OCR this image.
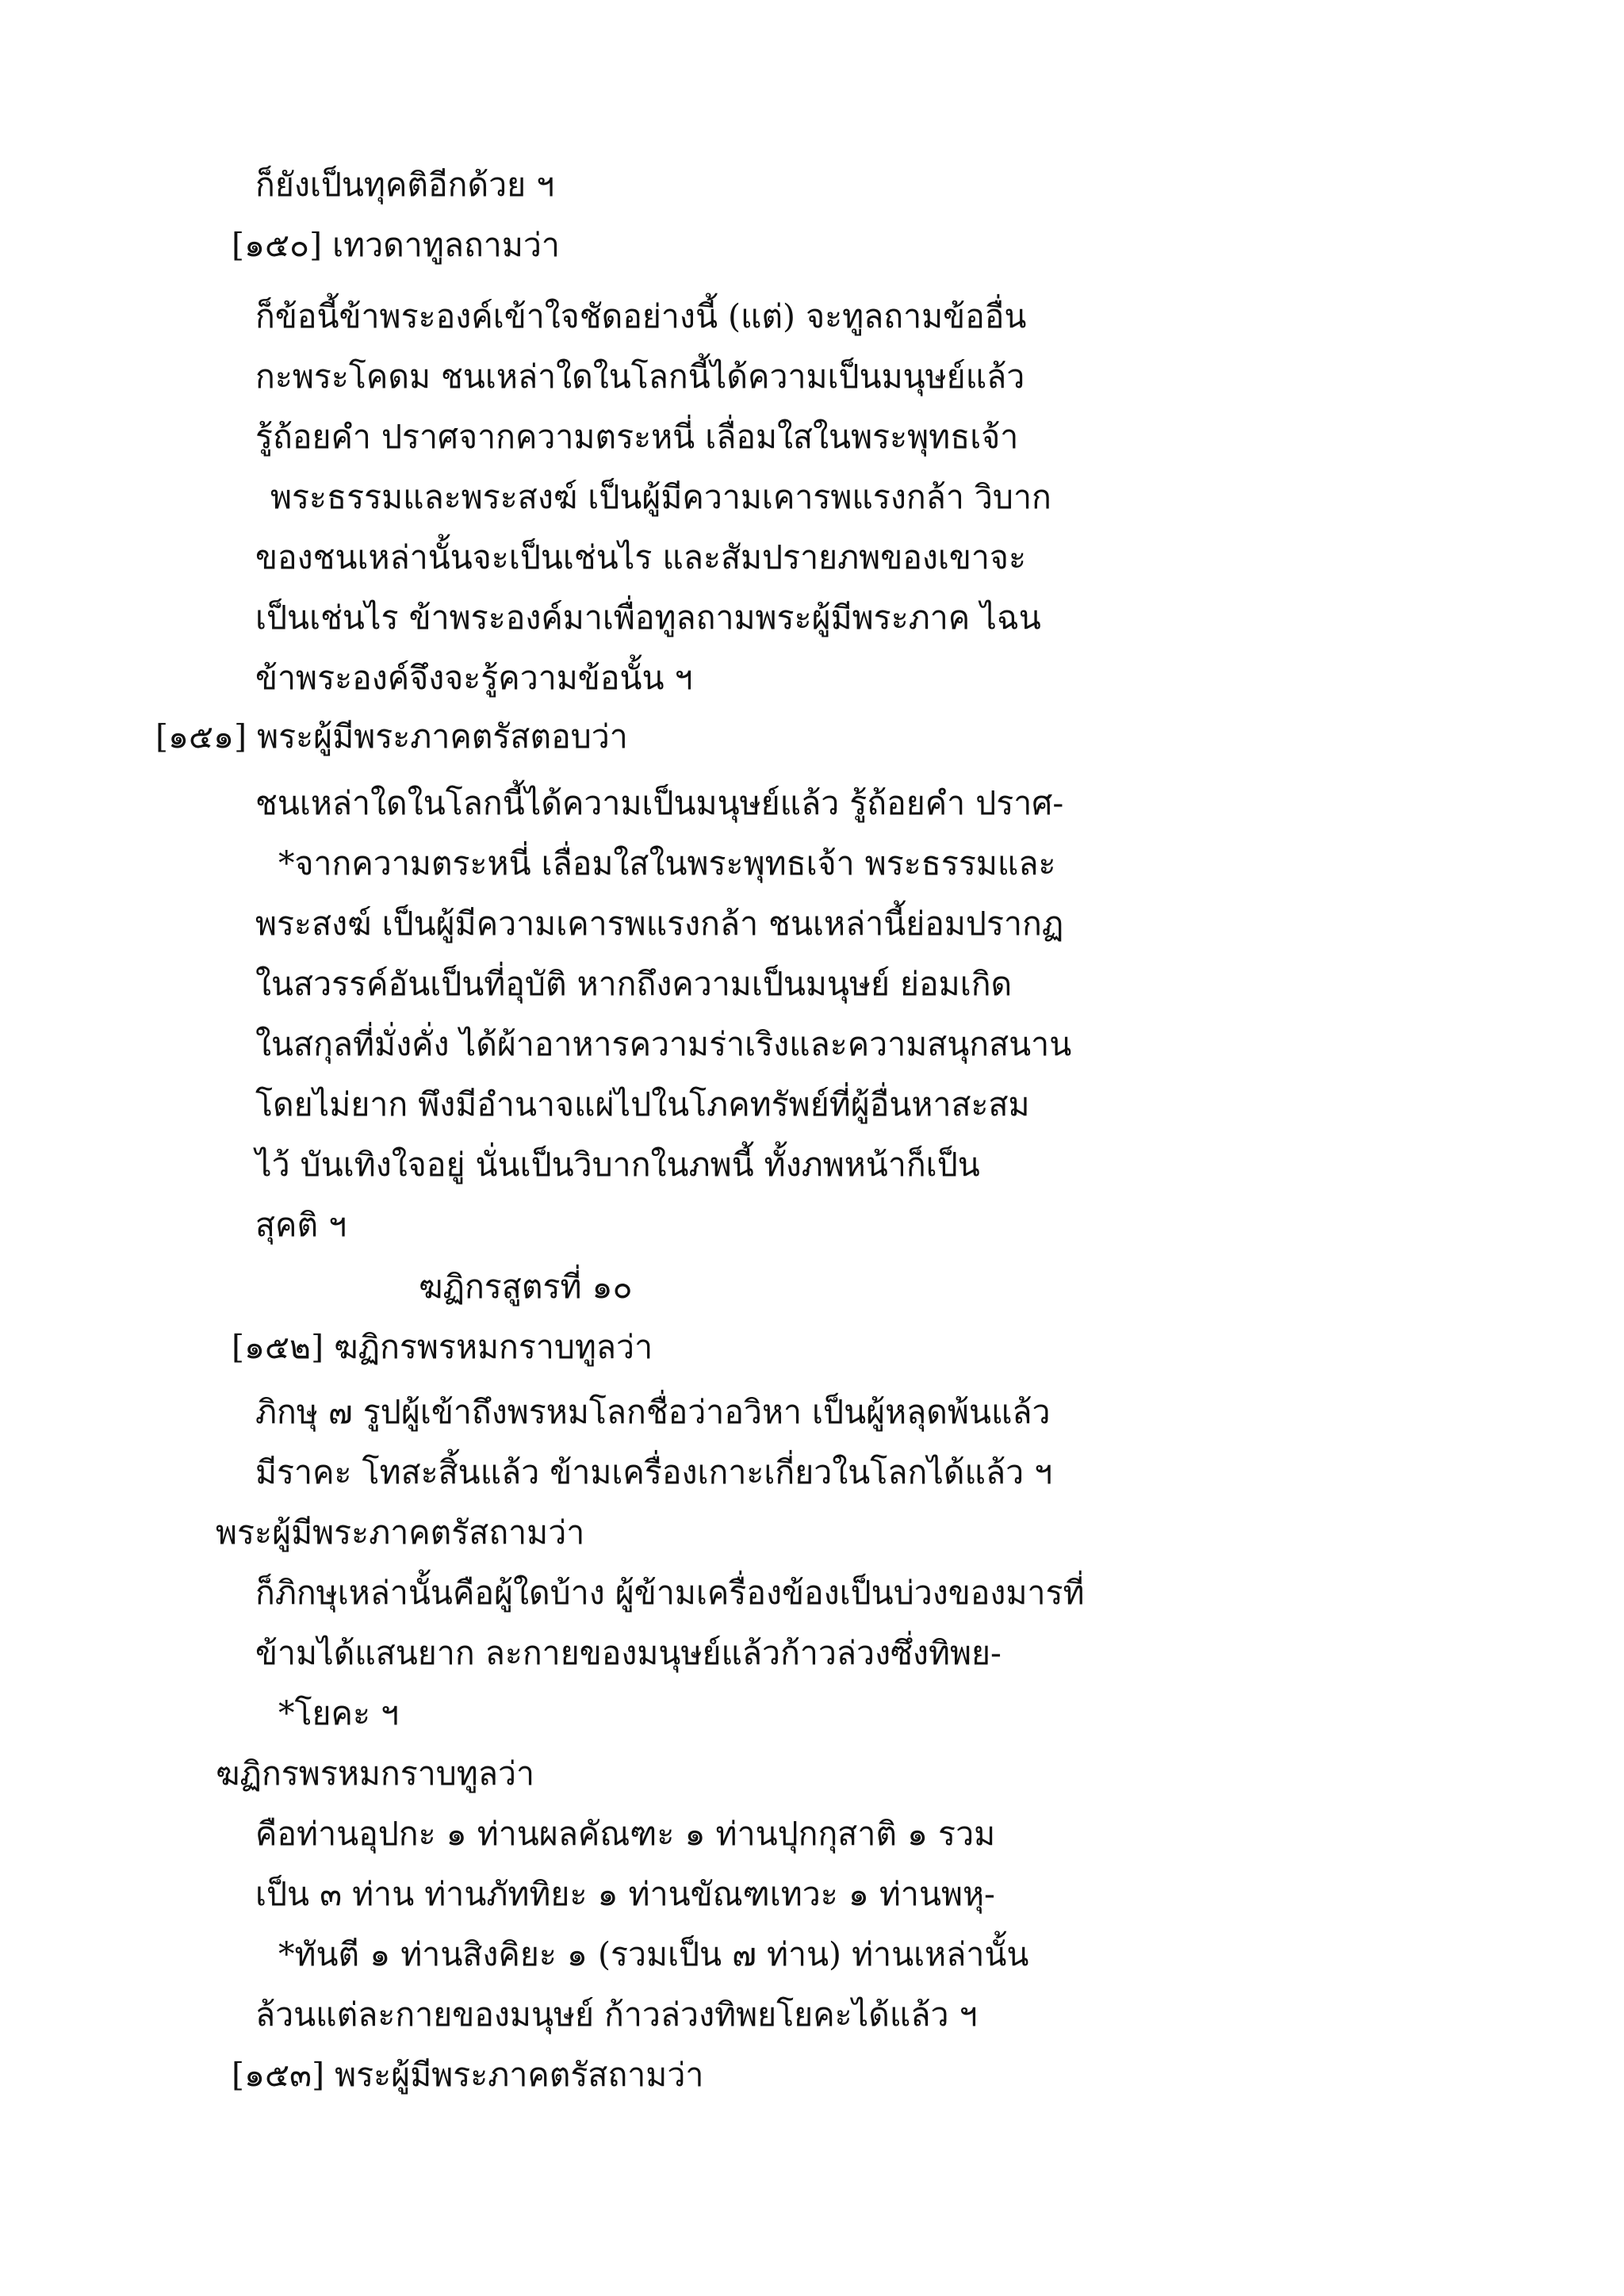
ก็ยังเป็นทุคติอีกด้วย ฯ
[๑๕๐] เทวดาทูลถามว่า
ก็ข้อนี้ข้าพระองค์เข้าใจชัดอย่างนี้ (แต่) จะทูลถามข้ออื่น
กะพระโคดม ชนเหล่าใดในโลกนี้ได้ความเป็นมนุษย์แล้ว
รู้ถ้อยคำ ปราศจากความตระหนี่ เลื่อมใสในพระพุทธเจ้า
พระธรรมและพระสงฆ์ เป็นผู้มีความเคารพแรงกล้า วิบาก
ของชนเหล่านั้นจะเป็นเช่นไร และสัมปรายภพของเขาจะ
เป็นเช่นไร ข้าพระองค์มาเพื่อทูลถามพระผู้มีพระภาค ไฉน
ข้าพระองค์จึงจะรู้ความข้อนั้น ฯ
[๑๕๑] พระผู้มีพระภาคตรัสตอบว่า
ชนเหล่าใดในโลกนี้ได้ความเป็นมนุษย์แล้ว รู้ถ้อยคำ ปราศ-
*จากความตระหนี่ เลื่อมใสในพระพุทธเจ้า พระธรรมและ
พระสงฆ์ เป็นผู้มีความเคารพแรงกล้า ชนเหล่านี้ย่อมปรากฏ
ในสวรรค์อันเป็นที่อุบัติ หากถึงความเป็นมนุษย์ ย่อมเกิด
ในสกุลที่มั่งคั่ง ได้ผ้าอาหารความร่าเริงและความสนุกสนาน
โดยไม่ยาก พึงมีอำนาจแผ่ไปในโภคทรัพย์ที่ผู้อื่นหาสะสม
ไว้ บันเทิงใจอยู่ นั่นเป็นวิบากในภพนี้ ทั้งภพหน้าก็เป็น
สุคติ ฯ
ฆฏิกรสูตรที่ ๑๐
[๑๕๒] ฆฏิกรพรหมกราบทูลว่า
ภิกษุ ๗ รูปผู้เข้าถึงพรหมโลกชื่อว่าอวิหา เป็นผู้หลุดพ้นแล้ว
มีราคะ โทสะสิ้นแล้ว ข้ามเครื่องเกาะเกี่ยวในโลกได้แล้ว ฯ
พระผู้มีพระภาคตรัสถามว่า
ก็ภิกษุเหล่านั้นคือผู้ใดบ้าง ผู้ข้ามเครื่องข้องเป็นบ่วงของมารที่
ข้ามได้แสนยาก ละกายของมนุษย์แล้วก้าวล่วงซึ่งทิพย-
*โยคะ ฯ
ฆฏิกรพรหมกราบทูลว่า
คือท่านอุปกะ ๑ ท่านผลคัณฑะ ๑ ท่านปุกกุสาติ ๑ รวม
เป็น ๓ ท่าน ท่านภัททิยะ ๑ ท่านขัณฑเทวะ ๑ ท่านพหุ-
*ทันตี ๑ ท่านสิงคิยะ ๑ (รวมเป็น ๗ ท่าน) ท่านเหล่านั้น
ล้วนแต่ละกายของมนุษย์ ก้าวล่วงทิพยโยคะได้แล้ว ฯ
[๑๕๓] พระผู้มีพระภาคตรัสถามว่า
